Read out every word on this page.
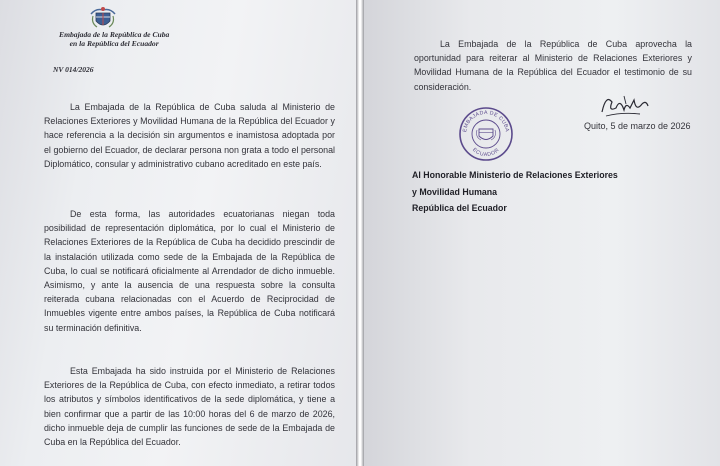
Embajada de la República de Cuba
en la República del Ecuador
NV 014/2026

La Embajada de la República de Cuba saluda al Ministerio de Relaciones Exteriores y Movilidad Humana de la República del Ecuador y hace referencia a la decisión sin argumentos e inamistosa adoptada por el gobierno del Ecuador, de declarar persona non grata a todo el personal Diplomático, consular y administrativo cubano acreditado en este país.

De esta forma, las autoridades ecuatorianas niegan toda posibilidad de representación diplomática, por lo cual el Ministerio de Relaciones Exteriores de la República de Cuba ha decidido prescindir de la instalación utilizada como sede de la Embajada de la República de Cuba, lo cual se notificará oficialmente al Arrendador de dicho inmueble. Asimismo, y ante la ausencia de una respuesta sobre la consulta reiterada cubana relacionadas con el Acuerdo de Reciprocidad de Inmuebles vigente entre ambos países, la República de Cuba notificará su terminación definitiva.

Esta Embajada ha sido instruida por el Ministerio de Relaciones Exteriores de la República de Cuba, con efecto inmediato, a retirar todos los atributos y símbolos identificativos de la sede diplomática, y tiene a bien confirmar que a partir de las 10:00 horas del 6 de marzo de 2026, dicho inmueble deja de cumplir las funciones de sede de la Embajada de Cuba en la República del Ecuador.

La Embajada de la República de Cuba aprovecha la oportunidad para reiterar al Ministerio de Relaciones Exteriores y Movilidad Humana de la República del Ecuador el testimonio de su consideración.

EMBAJADA DE CUBA
ECUADOR
Quito, 5 de marzo de 2026
Al Honorable Ministerio de Relaciones Exteriores
y Movilidad Humana
República del Ecuador
